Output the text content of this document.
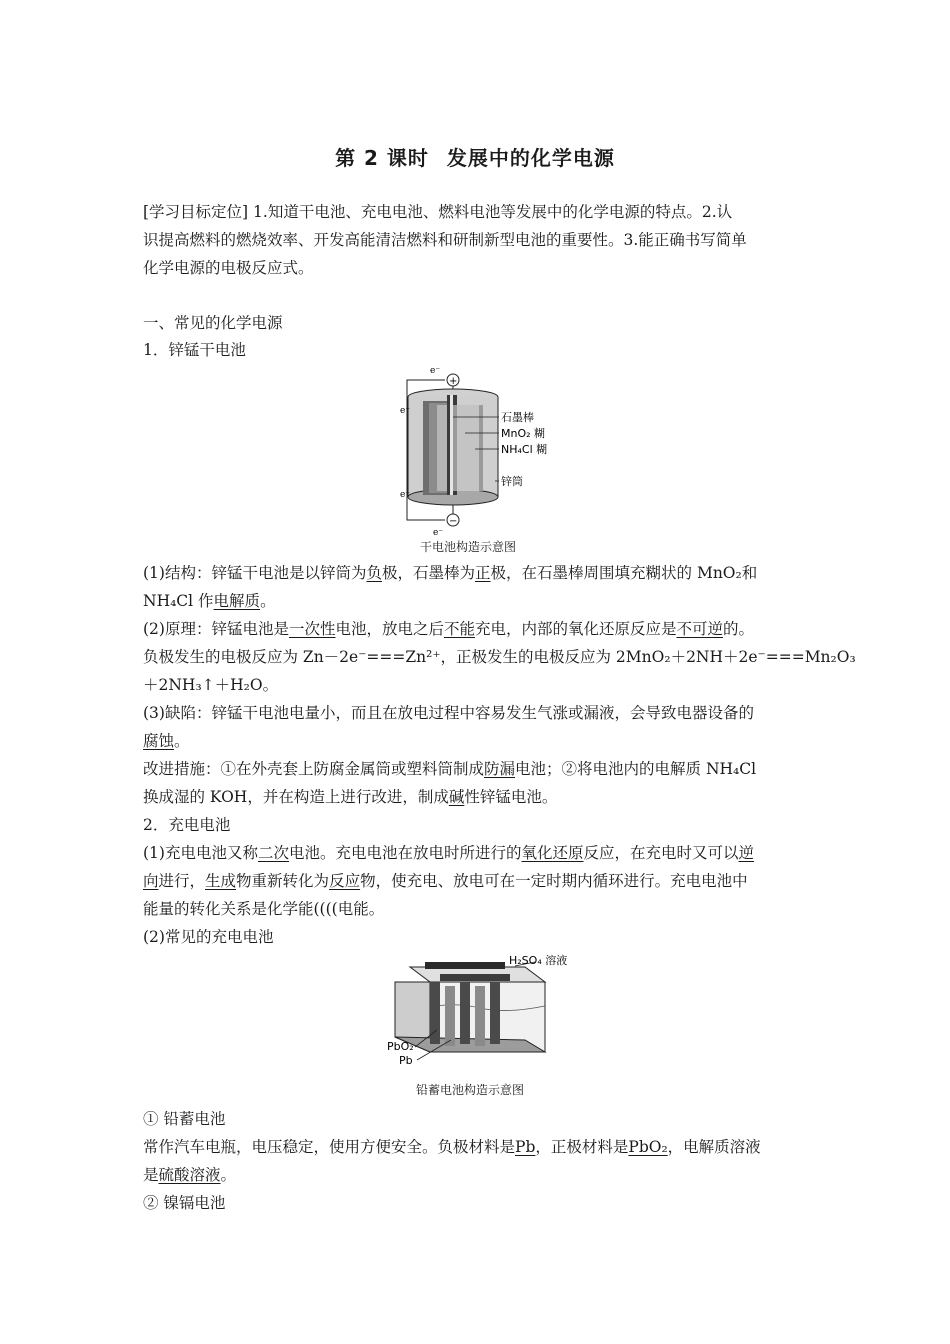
第 2 课时 发展中的化学电源
[学习目标定位] 1.知道干电池、充电电池、燃料电池等发展中的化学电源的特点。2.认
识提高燃料的燃烧效率、开发高能清洁燃料和研制新型电池的重要性。3.能正确书写简单
化学电源的电极反应式。
一、常见的化学电源
1．锌锰干电池
+
−
e⁻
e⁻
e⁻
e⁻
石墨棒
MnO₂ 糊
NH₄Cl 糊
锌筒
干电池构造示意图
(1)结构：锌锰干电池是以锌筒为负极，石墨棒为正极，在石墨棒周围填充糊状的 MnO₂和
NH₄Cl 作电解质。
(2)原理：锌锰电池是一次性电池，放电之后不能充电，内部的氧化还原反应是不可逆的。
负极发生的电极反应为 Zn－2e⁻===Zn²⁺，正极发生的电极反应为 2MnO₂＋2NH＋2e⁻===Mn₂O₃
＋2NH₃↑＋H₂O。
(3)缺陷：锌锰干电池电量小，而且在放电过程中容易发生气涨或漏液，会导致电器设备的
腐蚀。
改进措施：①在外壳套上防腐金属筒或塑料筒制成防漏电池；②将电池内的电解质 NH₄Cl
换成湿的 KOH，并在构造上进行改进，制成碱性锌锰电池。
2．充电电池
(1)充电电池又称二次电池。充电电池在放电时所进行的氧化还原反应，在充电时又可以逆
向进行，生成物重新转化为反应物，使充电、放电可在一定时期内循环进行。充电电池中
能量的转化关系是化学能((((电能。
(2)常见的充电电池
H₂SO₄ 溶液
PbO₂
Pb
铅蓄电池构造示意图
① 铅蓄电池
常作汽车电瓶，电压稳定，使用方便安全。负极材料是Pb，正极材料是PbO₂，电解质溶液
是硫酸溶液。
② 镍镉电池
